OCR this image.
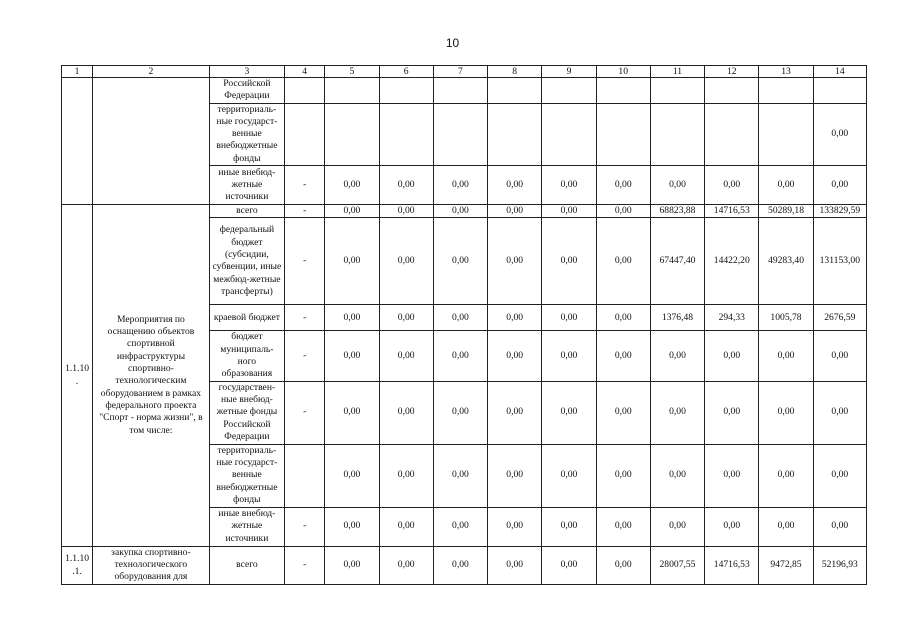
10
1	2	3	4	5	6	7	8	9	10	11	12	13	14
		Российской Федерации											
		территориаль-ные государст-венные внебюджетные фонды											0,00
		иные внебюд-жетные источники	-	0,00	0,00	0,00	0,00	0,00	0,00	0,00	0,00	0,00	0,00
1.1.10 .	Мероприятия по оснащению объектов спортивной инфраструктуры спортивно-технологическим оборудованием в рамках федерального проекта "Спорт - норма жизни", в том числе:	всего	-	0,00	0,00	0,00	0,00	0,00	0,00	68823,88	14716,53	50289,18	133829,59
		федеральный бюджет (субсидии, субвенции, иные межбюд-жетные трансферты)	-	0,00	0,00	0,00	0,00	0,00	0,00	67447,40	14422,20	49283,40	131153,00
		краевой бюджет	-	0,00	0,00	0,00	0,00	0,00	0,00	1376,48	294,33	1005,78	2676,59
		бюджет муниципаль-ного образования	-	0,00	0,00	0,00	0,00	0,00	0,00	0,00	0,00	0,00	0,00
		государствен-ные внебюд-жетные фонды Российской Федерации	-	0,00	0,00	0,00	0,00	0,00	0,00	0,00	0,00	0,00	0,00
		территориаль-ные государст-венные внебюджетные фонды		0,00	0,00	0,00	0,00	0,00	0,00	0,00	0,00	0,00	0,00
		иные внебюд-жетные источники	-	0,00	0,00	0,00	0,00	0,00	0,00	0,00	0,00	0,00	0,00
1.1.10 .1.	закупка спортивно-технологического оборудования для	всего	-	0,00	0,00	0,00	0,00	0,00	0,00	28007,55	14716,53	9472,85	52196,93
